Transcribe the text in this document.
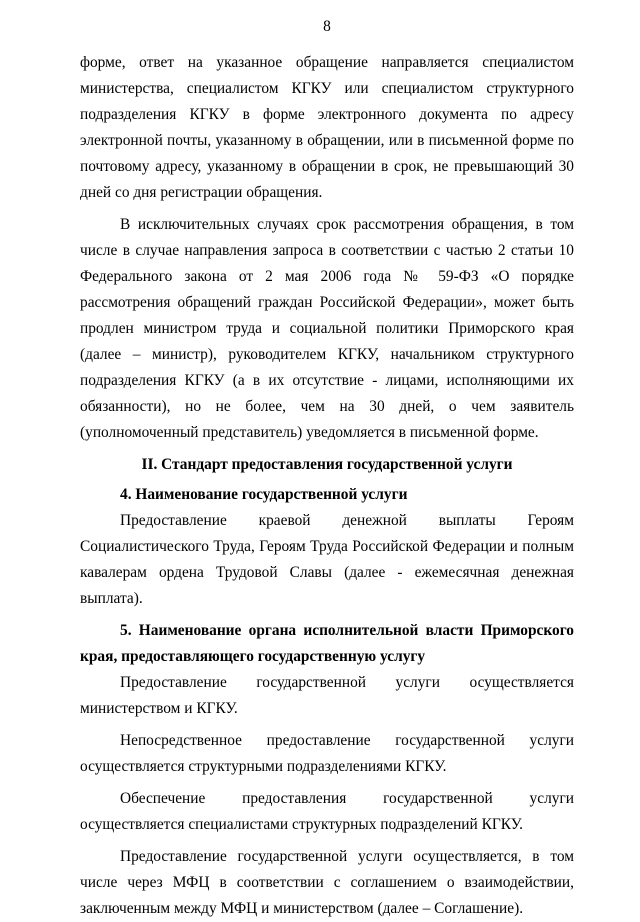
8

форме, ответ на указанное обращение направляется специалистом министерства, специалистом КГКУ или специалистом структурного подразделения КГКУ в форме электронного документа по адресу электронной почты, указанному в обращении, или в письменной форме по почтовому адресу, указанному в обращении в срок, не превышающий 30 дней со дня регистрации обращения.

В исключительных случаях срок рассмотрения обращения, в том числе в случае направления запроса в соответствии с частью 2 статьи 10 Федерального закона от 2 мая 2006 года № 59-ФЗ «О порядке рассмотрения обращений граждан Российской Федерации», может быть продлен министром труда и социальной политики Приморского края (далее – министр), руководителем КГКУ, начальником структурного подразделения КГКУ (а в их отсутствие - лицами, исполняющими их обязанности), но не более, чем на 30 дней, о чем заявитель (уполномоченный представитель) уведомляется в письменной форме.

II. Стандарт предоставления государственной услуги

4. Наименование государственной услуги

Предоставление краевой денежной выплаты Героям Социалистического Труда, Героям Труда Российской Федерации и полным кавалерам ордена Трудовой Славы (далее - ежемесячная денежная выплата).

5. Наименование органа исполнительной власти Приморского края, предоставляющего государственную услугу

Предоставление государственной услуги осуществляется министерством и КГКУ.

Непосредственное предоставление государственной услуги осуществляется структурными подразделениями КГКУ.

Обеспечение предоставления государственной услуги осуществляется специалистами структурных подразделений КГКУ.

Предоставление государственной услуги осуществляется, в том числе через МФЦ в соответствии с соглашением о взаимодействии, заключенным между МФЦ и министерством (далее – Соглашение).
